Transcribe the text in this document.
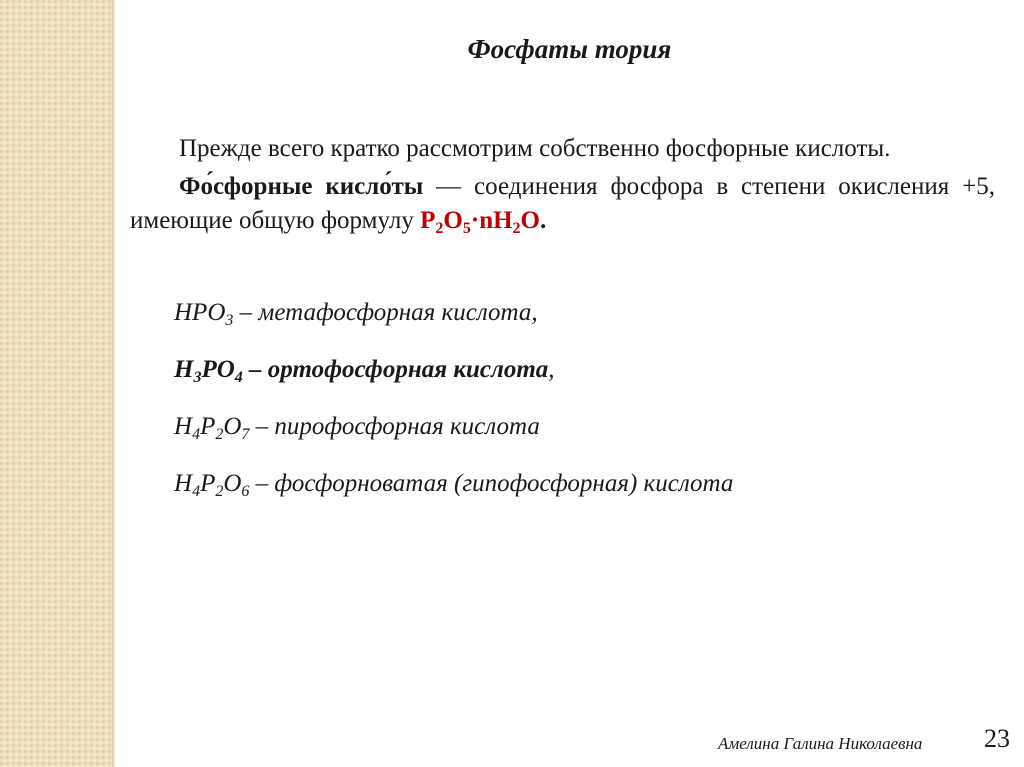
Фосфаты тория

Прежде всего кратко рассмотрим собственно фосфорные кислоты.

Фо́сфорные кисло́ты — соединения фосфора в степени окисления +5, имеющие общую формулу $P_2O_5\cdot nH_2O$.

$HPO_3$ – метафосфорная кислота,
$H_3PO_4$ – ортофосфорная кислота,
$H_4P_2O_7$ – пирофосфорная кислота
$H_4P_2O_6$ – фосфорноватая (гипофосфорная) кислота
Амелина Галина Николаевна 23
